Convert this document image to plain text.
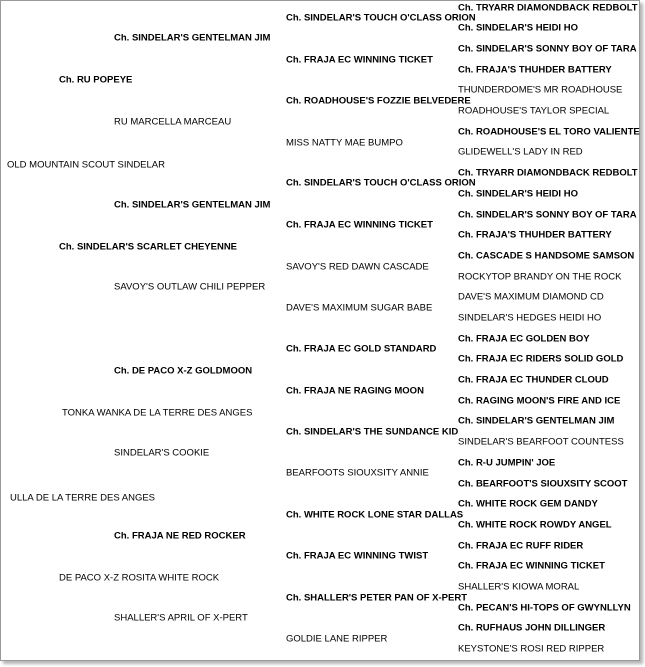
OLD MOUNTAIN SCOUT SINDELAR
ULLA DE LA TERRE DES ANGES
Ch. RU POPEYE
Ch. SINDELAR'S SCARLET CHEYENNE
TONKA WANKA DE LA TERRE DES ANGES
DE PACO X-Z ROSITA WHITE ROCK
Ch. SINDELAR'S GENTELMAN JIM
RU MARCELLA MARCEAU
Ch. SINDELAR'S GENTELMAN JIM
SAVOY'S OUTLAW CHILI PEPPER
Ch. DE PACO X-Z GOLDMOON
SINDELAR'S COOKIE
Ch. FRAJA NE RED ROCKER
SHALLER'S APRIL OF X-PERT
Ch. SINDELAR'S TOUCH O'CLASS ORION
Ch. FRAJA EC WINNING TICKET
Ch. ROADHOUSE'S FOZZIE BELVEDERE
MISS NATTY MAE BUMPO
Ch. SINDELAR'S TOUCH O'CLASS ORION
Ch. FRAJA EC WINNING TICKET
SAVOY'S RED DAWN CASCADE
DAVE'S MAXIMUM SUGAR BABE
Ch. FRAJA EC GOLD STANDARD
Ch. FRAJA NE RAGING MOON
Ch. SINDELAR'S THE SUNDANCE KID
BEARFOOTS SIOUXSITY ANNIE
Ch. WHITE ROCK LONE STAR DALLAS
Ch. FRAJA EC WINNING TWIST
Ch. SHALLER'S PETER PAN OF X-PERT
GOLDIE LANE RIPPER
Ch. TRYARR DIAMONDBACK REDBOLT
Ch. SINDELAR'S HEIDI HO
Ch. SINDELAR'S SONNY BOY OF TARA
Ch. FRAJA'S THUHDER BATTERY
THUNDERDOME'S MR ROADHOUSE
ROADHOUSE'S TAYLOR SPECIAL
Ch. ROADHOUSE'S EL TORO VALIENTE
GLIDEWELL'S LADY IN RED
Ch. TRYARR DIAMONDBACK REDBOLT
Ch. SINDELAR'S HEIDI HO
Ch. SINDELAR'S SONNY BOY OF TARA
Ch. FRAJA'S THUHDER BATTERY
Ch. CASCADE S HANDSOME SAMSON
ROCKYTOP BRANDY ON THE ROCK
DAVE'S MAXIMUM DIAMOND CD
SINDELAR'S HEDGES HEIDI HO
Ch. FRAJA EC GOLDEN BOY
Ch. FRAJA EC RIDERS SOLID GOLD
Ch. FRAJA EC THUNDER CLOUD
Ch. RAGING MOON'S FIRE AND ICE
Ch. SINDELAR'S GENTELMAN JIM
SINDELAR'S BEARFOOT COUNTESS
Ch. R-U JUMPIN' JOE
Ch. BEARFOOT'S SIOUXSITY SCOOT
Ch. WHITE ROCK GEM DANDY
Ch. WHITE ROCK ROWDY ANGEL
Ch. FRAJA EC RUFF RIDER
Ch. FRAJA EC WINNING TICKET
SHALLER'S KIOWA MORAL
Ch. PECAN'S HI-TOPS OF GWYNLLYN
Ch. RUFHAUS JOHN DILLINGER
KEYSTONE'S ROSI RED RIPPER
